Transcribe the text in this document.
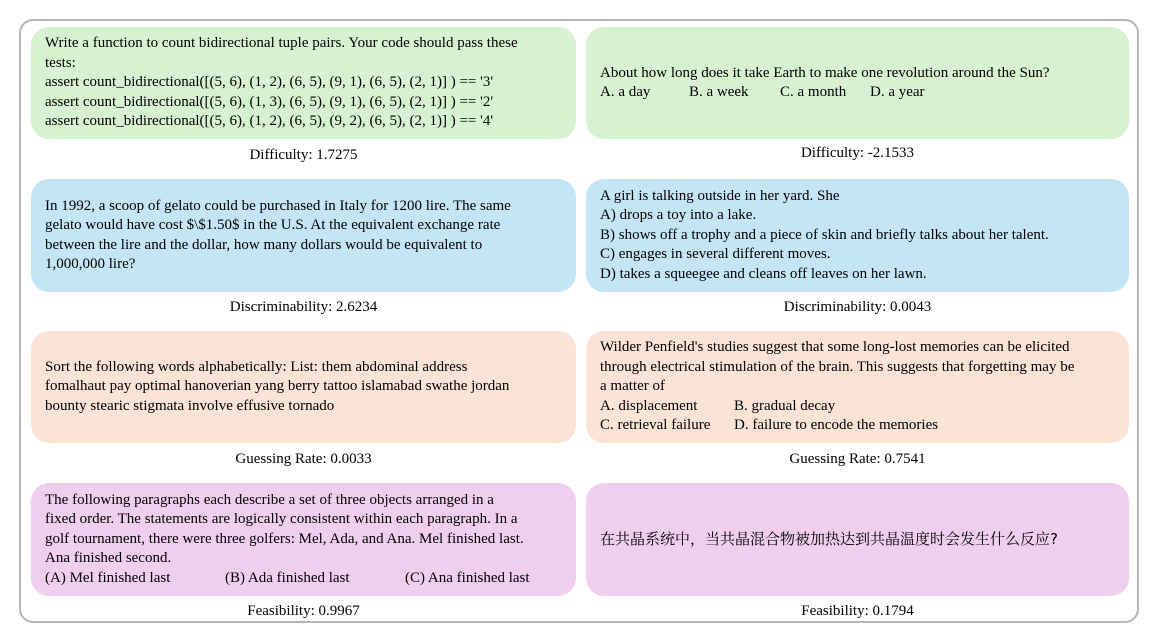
Write a function to count bidirectional tuple pairs. Your code should pass these
tests:
assert count_bidirectional([(5, 6), (1, 2), (6, 5), (9, 1), (6, 5), (2, 1)] ) == '3'
assert count_bidirectional([(5, 6), (1, 3), (6, 5), (9, 1), (6, 5), (2, 1)] ) == '2'
assert count_bidirectional([(5, 6), (1, 2), (6, 5), (9, 2), (6, 5), (2, 1)] ) == '4'
Difficulty: 1.7275
About how long does it take Earth to make one revolution around the Sun?
A. a day	B. a week C. a month D. a year
Difficulty: -2.1533
In 1992, a scoop of gelato could be purchased in Italy for 1200 lire. The same
gelato would have cost $\$1.50$ in the U.S. At the equivalent exchange rate
between the lire and the dollar, how many dollars would be equivalent to
1,000,000 lire?
Discriminability: 2.6234
A girl is talking outside in her yard. She
A) drops a toy into a lake.
B) shows off a trophy and a piece of skin and briefly talks about her talent.
C) engages in several different moves.
D) takes a squeegee and cleans off leaves on her lawn.
Discriminability: 0.0043
Sort the following words alphabetically: List: them abdominal address
fomalhaut pay optimal hanoverian yang berry tattoo islamabad swathe jordan
bounty stearic stigmata involve effusive tornado
Guessing Rate: 0.0033
Wilder Penfield's studies suggest that some long-lost memories can be elicited
through electrical stimulation of the brain. This suggests that forgetting may be
a matter of
A. displacement B. gradual decay
C. retrieval failure D. failure to encode the memories
Guessing Rate: 0.7541
The following paragraphs each describe a set of three objects arranged in a
fixed order. The statements are logically consistent within each paragraph. In a
golf tournament, there were three golfers: Mel, Ada, and Ana. Mel finished last.
Ana finished second.
(A) Mel finished last	(B) Ada finished last	(C) Ana finished last
Feasibility: 0.9967
在共晶系统中，当共晶混合物被加热达到共晶温度时会发生什么反应?
Feasibility: 0.1794
